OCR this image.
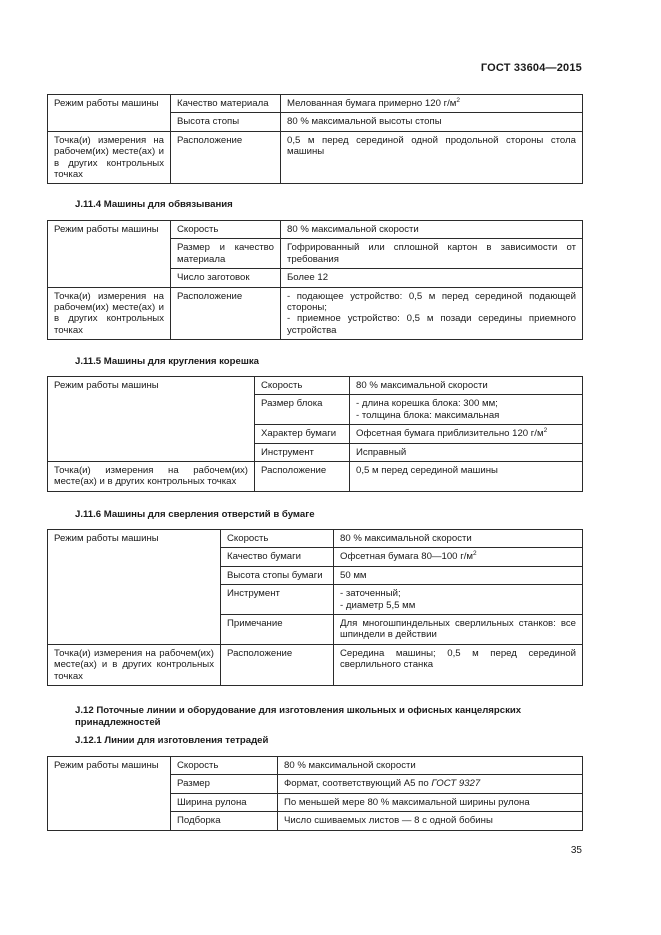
ГОСТ 33604—2015
Режим работы машины	Качество материала	Мелованная бумага примерно 120 $г/м^2$
	Высота стопы	80 % максимальной высоты стопы
Точка(и) измерения на рабочем(их) месте(ах) и в других контрольных точках	Расположение	0,5 м перед серединой одной продольной стороны стола машины
J.11.4 Машины для обвязывания
Режим работы машины	Скорость	80 % максимальной скорости
	Размер и качество материала	Гофрированный или сплошной картон в зависимости от требования
	Число заготовок	Более 12
Точка(и) измерения на рабочем(их) месте(ах) и в других контрольных точках	Расположение	- подающее устройство: 0,5 м перед серединой подающей стороны;
- приемное устройство: 0,5 м позади середины приемного устройства
J.11.5 Машины для кругления корешка
Режим работы машины	Скорость	80 % максимальной скорости
	Размер блока	- длина корешка блока: 300 мм;
- толщина блока: максимальная

	Характер бумаги	Офсетная бумага приблизительно 120 $г/м^2$
	Инструмент	Исправный
Точка(и) измерения на рабочем(их) месте(ах) и в других контрольных точках	Расположение	0,5 м перед серединой машины
J.11.6 Машины для сверления отверстий в бумаге
Режим работы машины	Скорость	80 % максимальной скорости
	Качество бумаги	Офсетная бумага 80—100 $г/м^2$
	Высота стопы бумаги	50 мм
	Инструмент	- заточенный;
- диаметр 5,5 мм

	Примечание	Для многошпиндельных сверлильных станков: все шпиндели в действии
Точка(и) измерения на рабочем(их) месте(ах) и в других контрольных точках	Расположение	Середина машины; 0,5 м перед серединой сверлильного станка
J.12 Поточные линии и оборудование для изготовления школьных и офисных канцелярских принадлежностей
J.12.1 Линии для изготовления тетрадей
Режим работы машины	Скорость	80 % максимальной скорости
	Размер	Формат, соответствующий А5 по ГОСТ 9327
	Ширина рулона	По меньшей мере 80 % максимальной ширины рулона
	Подборка	Число сшиваемых листов — 8 с одной бобины
35
